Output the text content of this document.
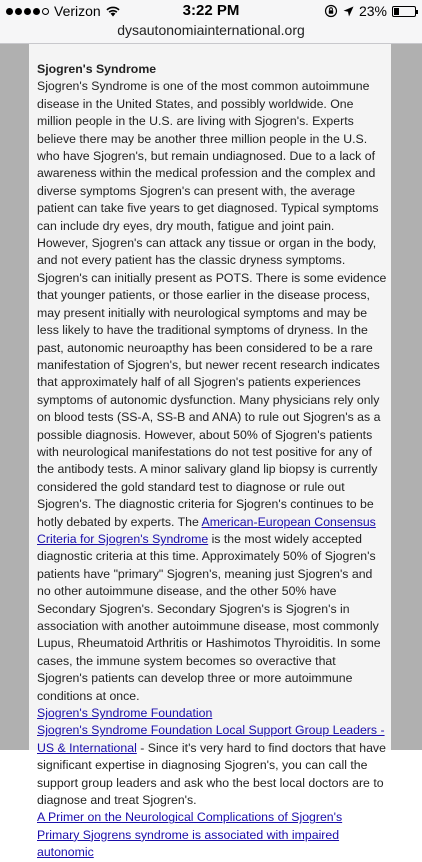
Verizon	3:22 PM	23%
dysautonomiainternational.org
Sjogren's Syndrome

Sjogren's Syndrome is one of the most common autoimmune disease in the United States, and possibly worldwide. One million people in the U.S. are living with Sjogren's. Experts believe there may be another three million people in the U.S. who have Sjogren's, but remain undiagnosed. Due to a lack of awareness within the medical profession and the complex and diverse symptoms Sjogren's can present with, the average patient can take five years to get diagnosed. Typical symptoms can include dry eyes, dry mouth, fatigue and joint pain. However, Sjogren's can attack any tissue or organ in the body, and not every patient has the classic dryness symptoms. Sjogren's can initially present as POTS. There is some evidence that younger patients, or those earlier in the disease process, may present initially with neurological symptoms and may be less likely to have the traditional symptoms of dryness. In the past, autonomic neuroapthy has been considered to be a rare manifestation of Sjogren's, but newer recent research indicates that approximately half of all Sjogren's patients experiences symptoms of autonomic dysfunction. Many physicians rely only on blood tests (SS-A, SS-B and ANA) to rule out Sjogren's as a possible diagnosis. However, about 50% of Sjogren's patients with neurological manifestations do not test positive for any of the antibody tests. A minor salivary gland lip biopsy is currently considered the gold standard test to diagnose or rule out Sjogren's. The diagnostic criteria for Sjogren's continues to be hotly debated by experts. The American-European Consensus Criteria for Sjogren's Syndrome is the most widely accepted diagnostic criteria at this time. Approximately 50% of Sjogren's patients have "primary" Sjogren's, meaning just Sjogren's and no other autoimmune disease, and the other 50% have Secondary Sjogren's. Secondary Sjogren's is Sjogren's in association with another autoimmune disease, most commonly Lupus, Rheumatoid Arthritis or Hashimotos Thyroiditis. In some cases, the immune system becomes so overactive that Sjogren's patients can develop three or more autoimmune conditions at once.

Sjogren's Syndrome Foundation

Sjogren's Syndrome Foundation Local Support Group Leaders - US & International - Since it's very hard to find doctors that have significant expertise in diagnosing Sjogren's, you can call the support group leaders and ask who the best local doctors are to diagnose and treat Sjogren's.

A Primer on the Neurological Complications of Sjogren's
Primary Sjogrens syndrome is associated with impaired autonomic
